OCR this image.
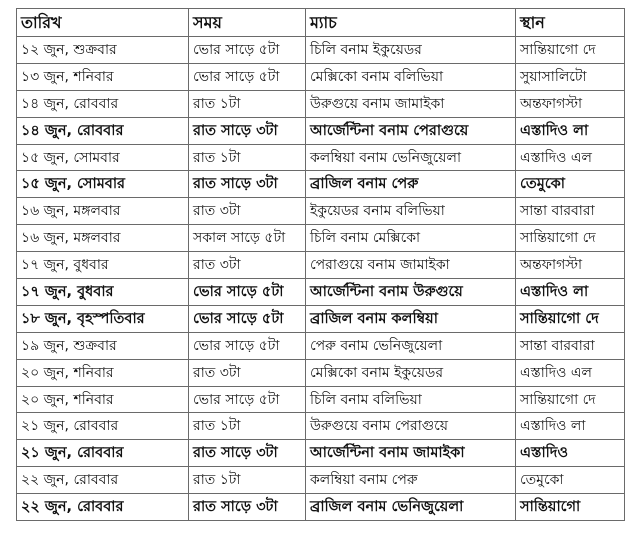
তারিখ	সময়	ম্যাচ	স্থান
১২ জুন, শুক্রবার	ভোর সাড়ে ৫টা	চিলি বনাম ইকুয়েডর	সান্তিয়াগো দে
১৩ জুন, শনিবার	ভোর সাড়ে ৫টা	মেক্সিকো বনাম বলিভিয়া	সুয়াসালিটো
১৪ জুন, রোববার	রাত ১টা	উরুগুয়ে বনাম জামাইকা	অন্তফাগস্টা
১৪ জুন, রোববার	রাত সাড়ে ৩টা	আর্জেন্টিনা বনাম পেরাগুয়ে	এস্তাদিও লা
১৫ জুন, সোমবার	রাত ১টা	কলম্বিয়া বনাম ভেনিজুয়েলা	এস্তাদিও এল
১৫ জুন, সোমবার	রাত সাড়ে ৩টা	ব্রাজিল বনাম পেরু	তেমুকো
১৬ জুন, মঙ্গলবার	রাত ৩টা	ইকুয়েডর বনাম বলিভিয়া	সান্তা বারবারা
১৬ জুন, মঙ্গলবার	সকাল সাড়ে ৫টা	চিলি বনাম মেক্সিকো	সান্তিয়াগো দে
১৭ জুন, বুধবার	রাত ৩টা	পেরাগুয়ে বনাম জামাইকা	অন্তফাগস্টা
১৭ জুন, বুধবার	ভোর সাড়ে ৫টা	আর্জেন্টিনা বনাম উরুগুয়ে	এস্তাদিও লা
১৮ জুন, বৃহস্পতিবার	ভোর সাড়ে ৫টা	ব্রাজিল বনাম কলম্বিয়া	সান্তিয়াগো দে
১৯ জুন, শুক্রবার	ভোর সাড়ে ৫টা	পেরু বনাম ভেনিজুয়েলা	সান্তা বারবারা
২০ জুন, শনিবার	রাত ৩টা	মেক্সিকো বনাম ইকুয়েডর	এস্তাদিও এল
২০ জুন, শনিবার	ভোর সাড়ে ৫টা	চিলি বনাম বলিভিয়া	সান্তিয়াগো দে
২১ জুন, রোববার	রাত ১টা	উরুগুয়ে বনাম পেরাগুয়ে	এস্তাদিও লা
২১ জুন, রোববার	রাত সাড়ে ৩টা	আর্জেন্টিনা বনাম জামাইকা	এস্তাদিও
২২ জুন, রোববার	রাত ১টা	কলম্বিয়া বনাম পেরু	তেমুকো
২২ জুন, রোববার	রাত সাড়ে ৩টা	ব্রাজিল বনাম ভেনিজুয়েলা	সান্তিয়াগো
